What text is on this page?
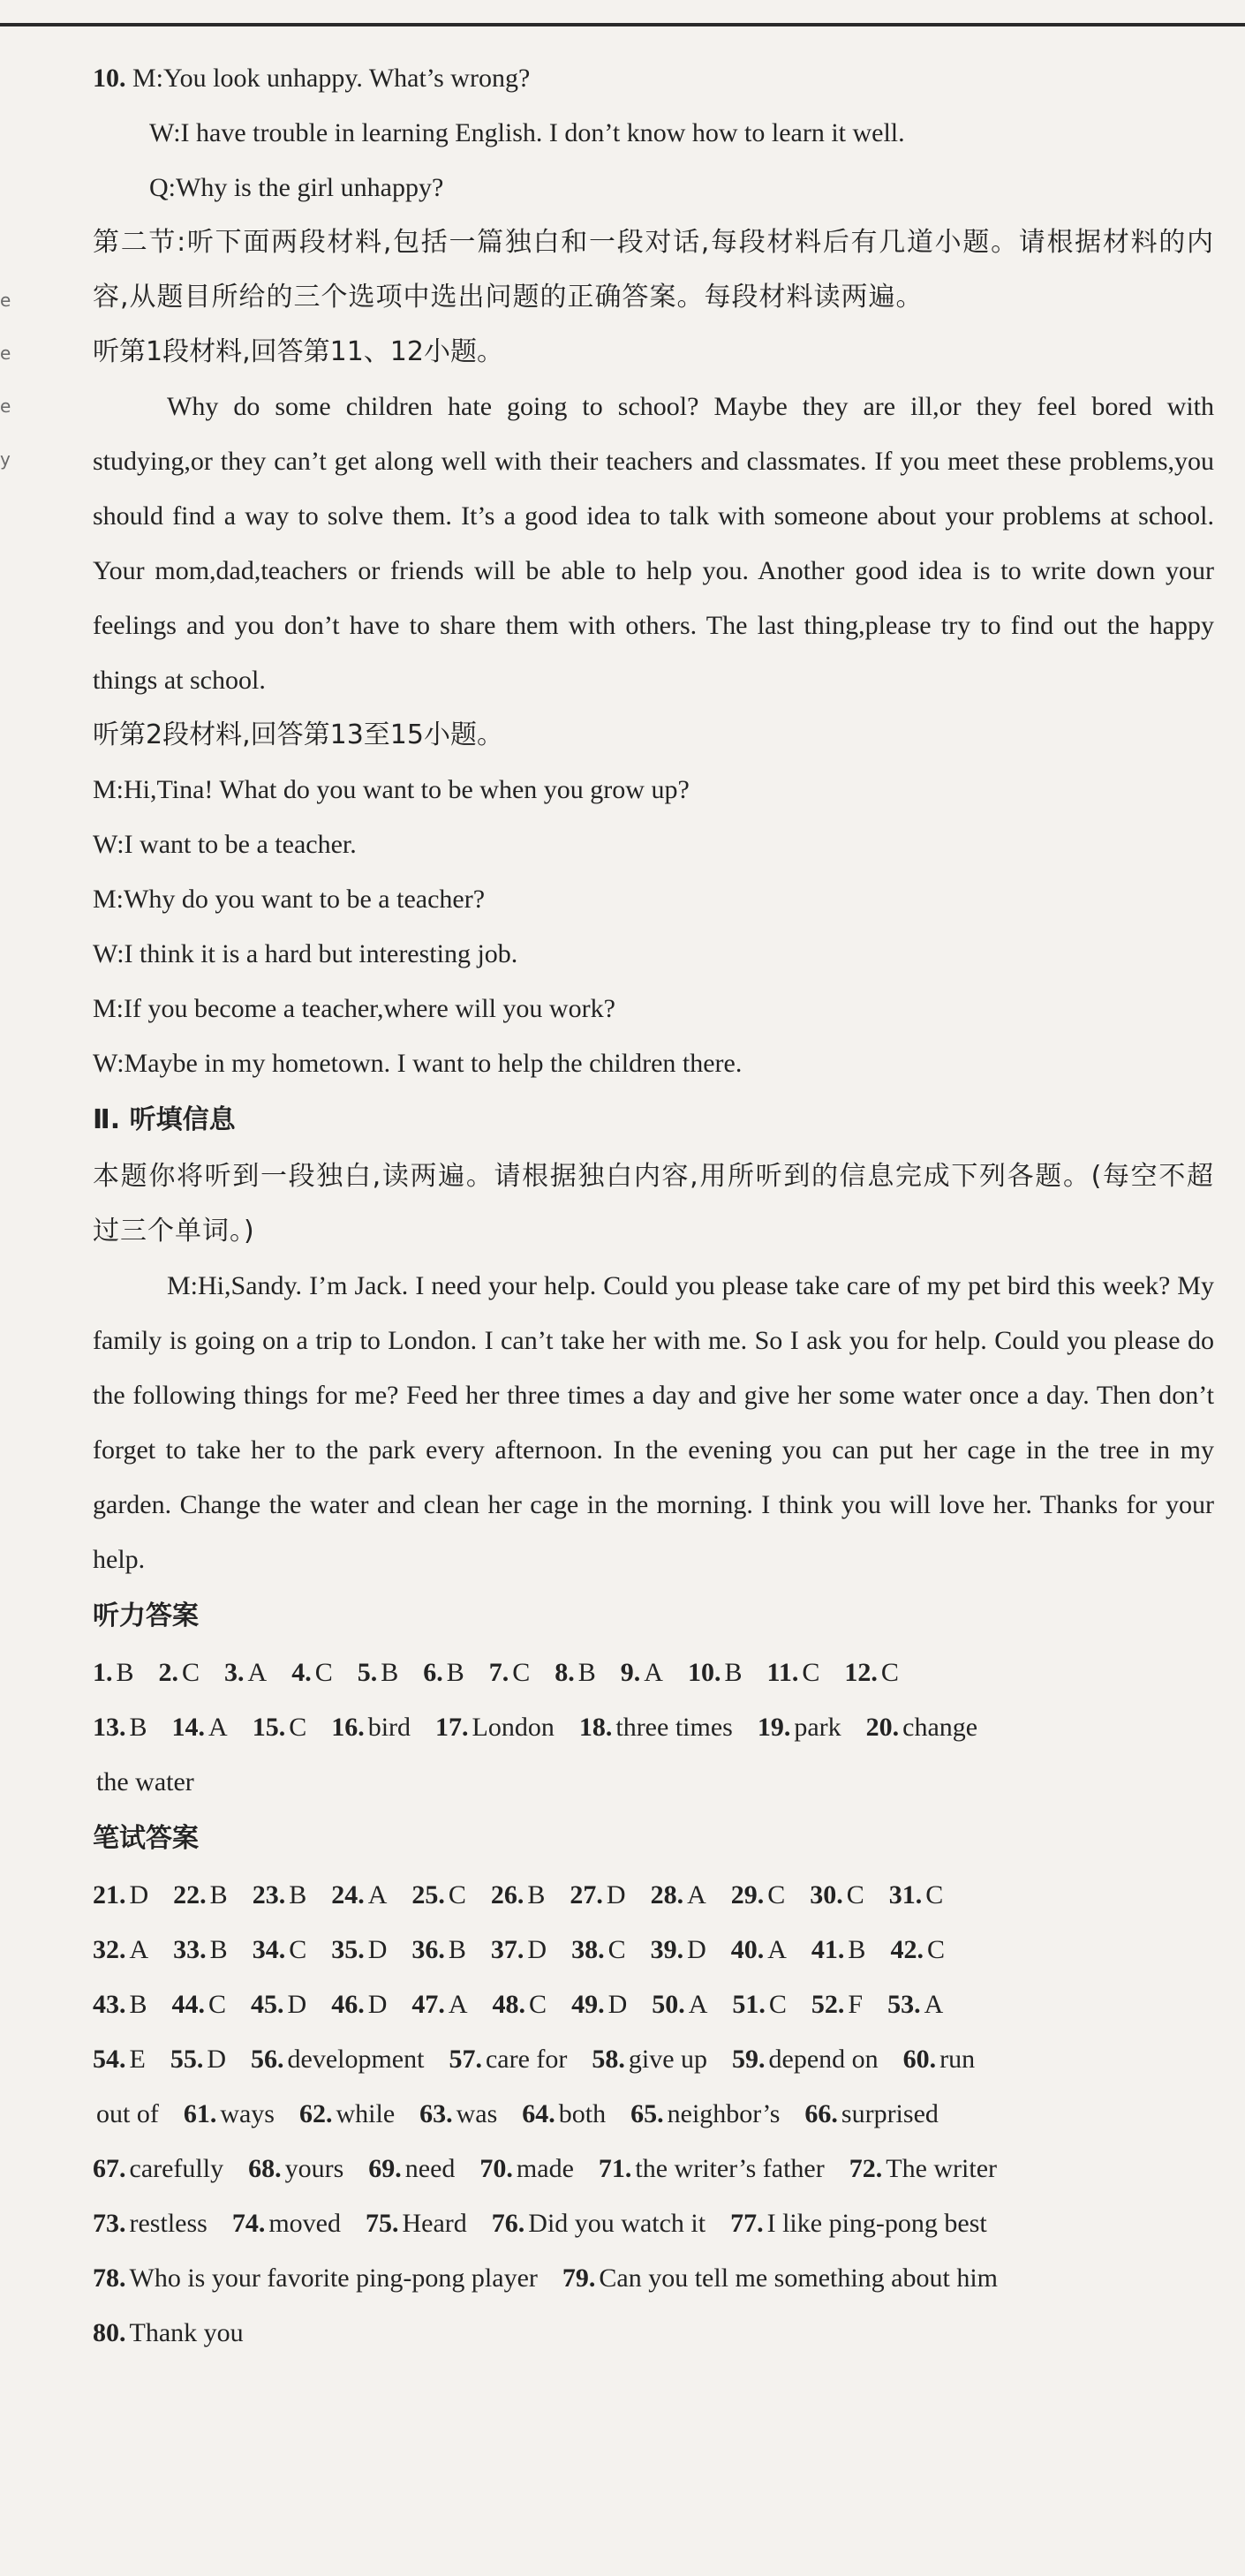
e
e
e
y
10. M:You look unhappy. What’s wrong?
W:I have trouble in learning English. I don’t know how to learn it well.
Q:Why is the girl unhappy?
第二节:听下面两段材料,包括一篇独白和一段对话,每段材料后有几道小题。请根据材料的内容,从题目所给的三个选项中选出问题的正确答案。每段材料读两遍。
听第1段材料,回答第11、12小题。
Why do some children hate going to school? Maybe they are ill,or they feel bored with studying,or they can’t get along well with their teachers and classmates. If you meet these problems,you should find a way to solve them. It’s a good idea to talk with someone about your problems at school. Your mom,dad,teachers or friends will be able to help you. Another good idea is to write down your feelings and you don’t have to share them with others. The last thing,please try to find out the happy things at school.
听第2段材料,回答第13至15小题。
M:Hi,Tina! What do you want to be when you grow up?
W:I want to be a teacher.
M:Why do you want to be a teacher?
W:I think it is a hard but interesting job.
M:If you become a teacher,where will you work?
W:Maybe in my hometown. I want to help the children there.
Ⅱ. 听填信息
本题你将听到一段独白,读两遍。请根据独白内容,用所听到的信息完成下列各题。(每空不超过三个单词。)
M:Hi,Sandy. I’m Jack. I need your help. Could you please take care of my pet bird this week? My family is going on a trip to London. I can’t take her with me. So I ask you for help. Could you please do the following things for me? Feed her three times a day and give her some water once a day. Then don’t forget to take her to the park every afternoon. In the evening you can put her cage in the tree in my garden. Change the water and clean her cage in the morning. I think you will love her. Thanks for your help.
听力答案
1. B 2. C 3. A 4. C 5. B 6. B 7. C 8. B 9. A 10. B 11. C 12. C
13. B 14. A 15. C 16. bird 17. London 18. three times 19. park 20. change
the water
笔试答案
21. D 22. B 23. B 24. A 25. C 26. B 27. D 28. A 29. C 30. C 31. C
32. A 33. B 34. C 35. D 36. B 37. D 38. C 39. D 40. A 41. B 42. C
43. B 44. C 45. D 46. D 47. A 48. C 49. D 50. A 51. C 52. F 53. A
54. E 55. D 56. development 57. care for 58. give up 59. depend on 60. run
out of 61. ways 62. while 63. was 64. both 65. neighbor’s 66. surprised
67. carefully 68. yours 69. need 70. made 71. the writer’s father 72. The writer
73. restless 74. moved 75. Heard 76. Did you watch it 77. I like ping-pong best
78. Who is your favorite ping-pong player 79. Can you tell me something about him
80. Thank you
